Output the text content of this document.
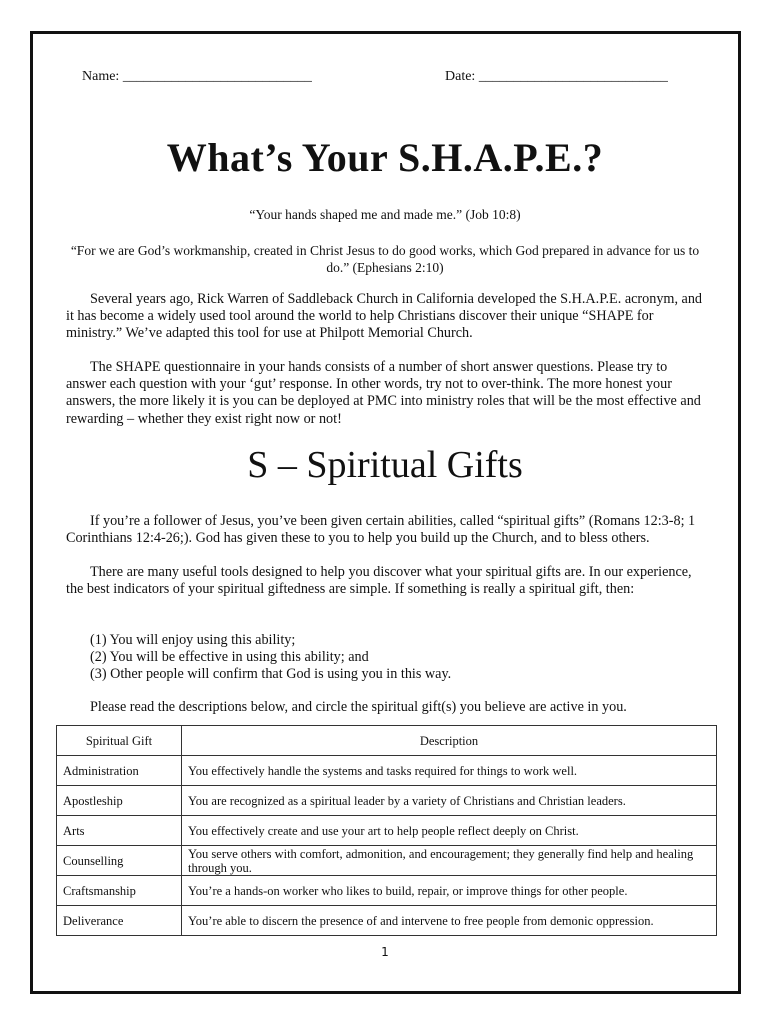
Name: ___________________________	Date: ___________________________
What’s Your S.H.A.P.E.?
“Your hands shaped me and made me.” (Job 10:8)
“For we are God’s workmanship, created in Christ Jesus to do good works, which God prepared in advance for us to do.” (Ephesians 2:10)
Several years ago, Rick Warren of Saddleback Church in California developed the S.H.A.P.E. acronym, and it has become a widely used tool around the world to help Christians discover their unique “SHAPE for ministry.” We’ve adapted this tool for use at Philpott Memorial Church.
The SHAPE questionnaire in your hands consists of a number of short answer questions. Please try to answer each question with your ‘gut’ response. In other words, try not to over-think. The more honest your answers, the more likely it is you can be deployed at PMC into ministry roles that will be the most effective and rewarding – whether they exist right now or not!
S – Spiritual Gifts
If you’re a follower of Jesus, you’ve been given certain abilities, called “spiritual gifts” (Romans 12:3-8; 1 Corinthians 12:4-26;). God has given these to you to help you build up the Church, and to bless others.
There are many useful tools designed to help you discover what your spiritual gifts are. In our experience, the best indicators of your spiritual giftedness are simple. If something is really a spiritual gift, then:
(1) You will enjoy using this ability;
(2) You will be effective in using this ability; and
(3) Other people will confirm that God is using you in this way.
Please read the descriptions below, and circle the spiritual gift(s) you believe are active in you.
Spiritual Gift	Description
Administration	You effectively handle the systems and tasks required for things to work well.
Apostleship	You are recognized as a spiritual leader by a variety of Christians and Christian leaders.
Arts	You effectively create and use your art to help people reflect deeply on Christ.
Counselling	You serve others with comfort, admonition, and encouragement; they generally find help and healing through you.
Craftsmanship	You’re a hands-on worker who likes to build, repair, or improve things for other people.
Deliverance	You’re able to discern the presence of and intervene to free people from demonic oppression.
1
